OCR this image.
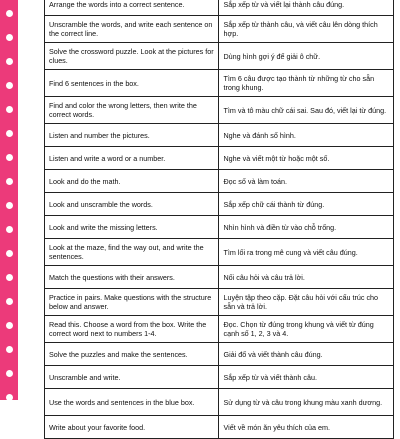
Arrange the words into a correct sentence.	Sắp xếp từ và viết lại thành câu đúng.
Unscramble the words, and write each sentence on the correct line.	Sắp xếp từ thành câu, và viết câu lên dòng thích hợp.
Solve the crossword puzzle. Look at the pictures for clues.	Dùng hình gợi ý để giải ô chữ.
Find 6 sentences in the box.	Tìm 6 câu được tạo thành từ những từ cho sẵn trong khung.
Find and color the wrong letters, then write the correct words.	Tìm và tô màu chữ cái sai. Sau đó, viết lại từ đúng.
Listen and number the pictures.	Nghe và đánh số hình.
Listen and write a word or a number.	Nghe và viết một từ hoặc một số.
Look and do the math.	Đọc số và làm toán.
Look and unscramble the words.	Sắp xếp chữ cái thành từ đúng.
Look and write the missing letters.	Nhìn hình và điền từ vào chỗ trống.
Look at the maze, find the way out, and write the sentences.	Tìm lối ra trong mê cung và viết câu đúng.
Match the questions with their answers.	Nối câu hỏi và câu trả lời.
Practice in pairs. Make questions with the structure below and answer.	Luyện tập theo cặp. Đặt câu hỏi với cấu trúc cho sẵn và trả lời.
Read this. Choose a word from the box. Write the correct word next to numbers 1-4.	Đọc. Chọn từ đúng trong khung và viết từ đúng cạnh số 1, 2, 3 và 4.
Solve the puzzles and make the sentences.	Giải đố và viết thành câu đúng.
Unscramble and write.	Sắp xếp từ và viết thành câu.
Use the words and sentences in the blue box.	Sử dụng từ và câu trong khung màu xanh dương.
Write about your favorite food.	Viết về món ăn yêu thích của em.
